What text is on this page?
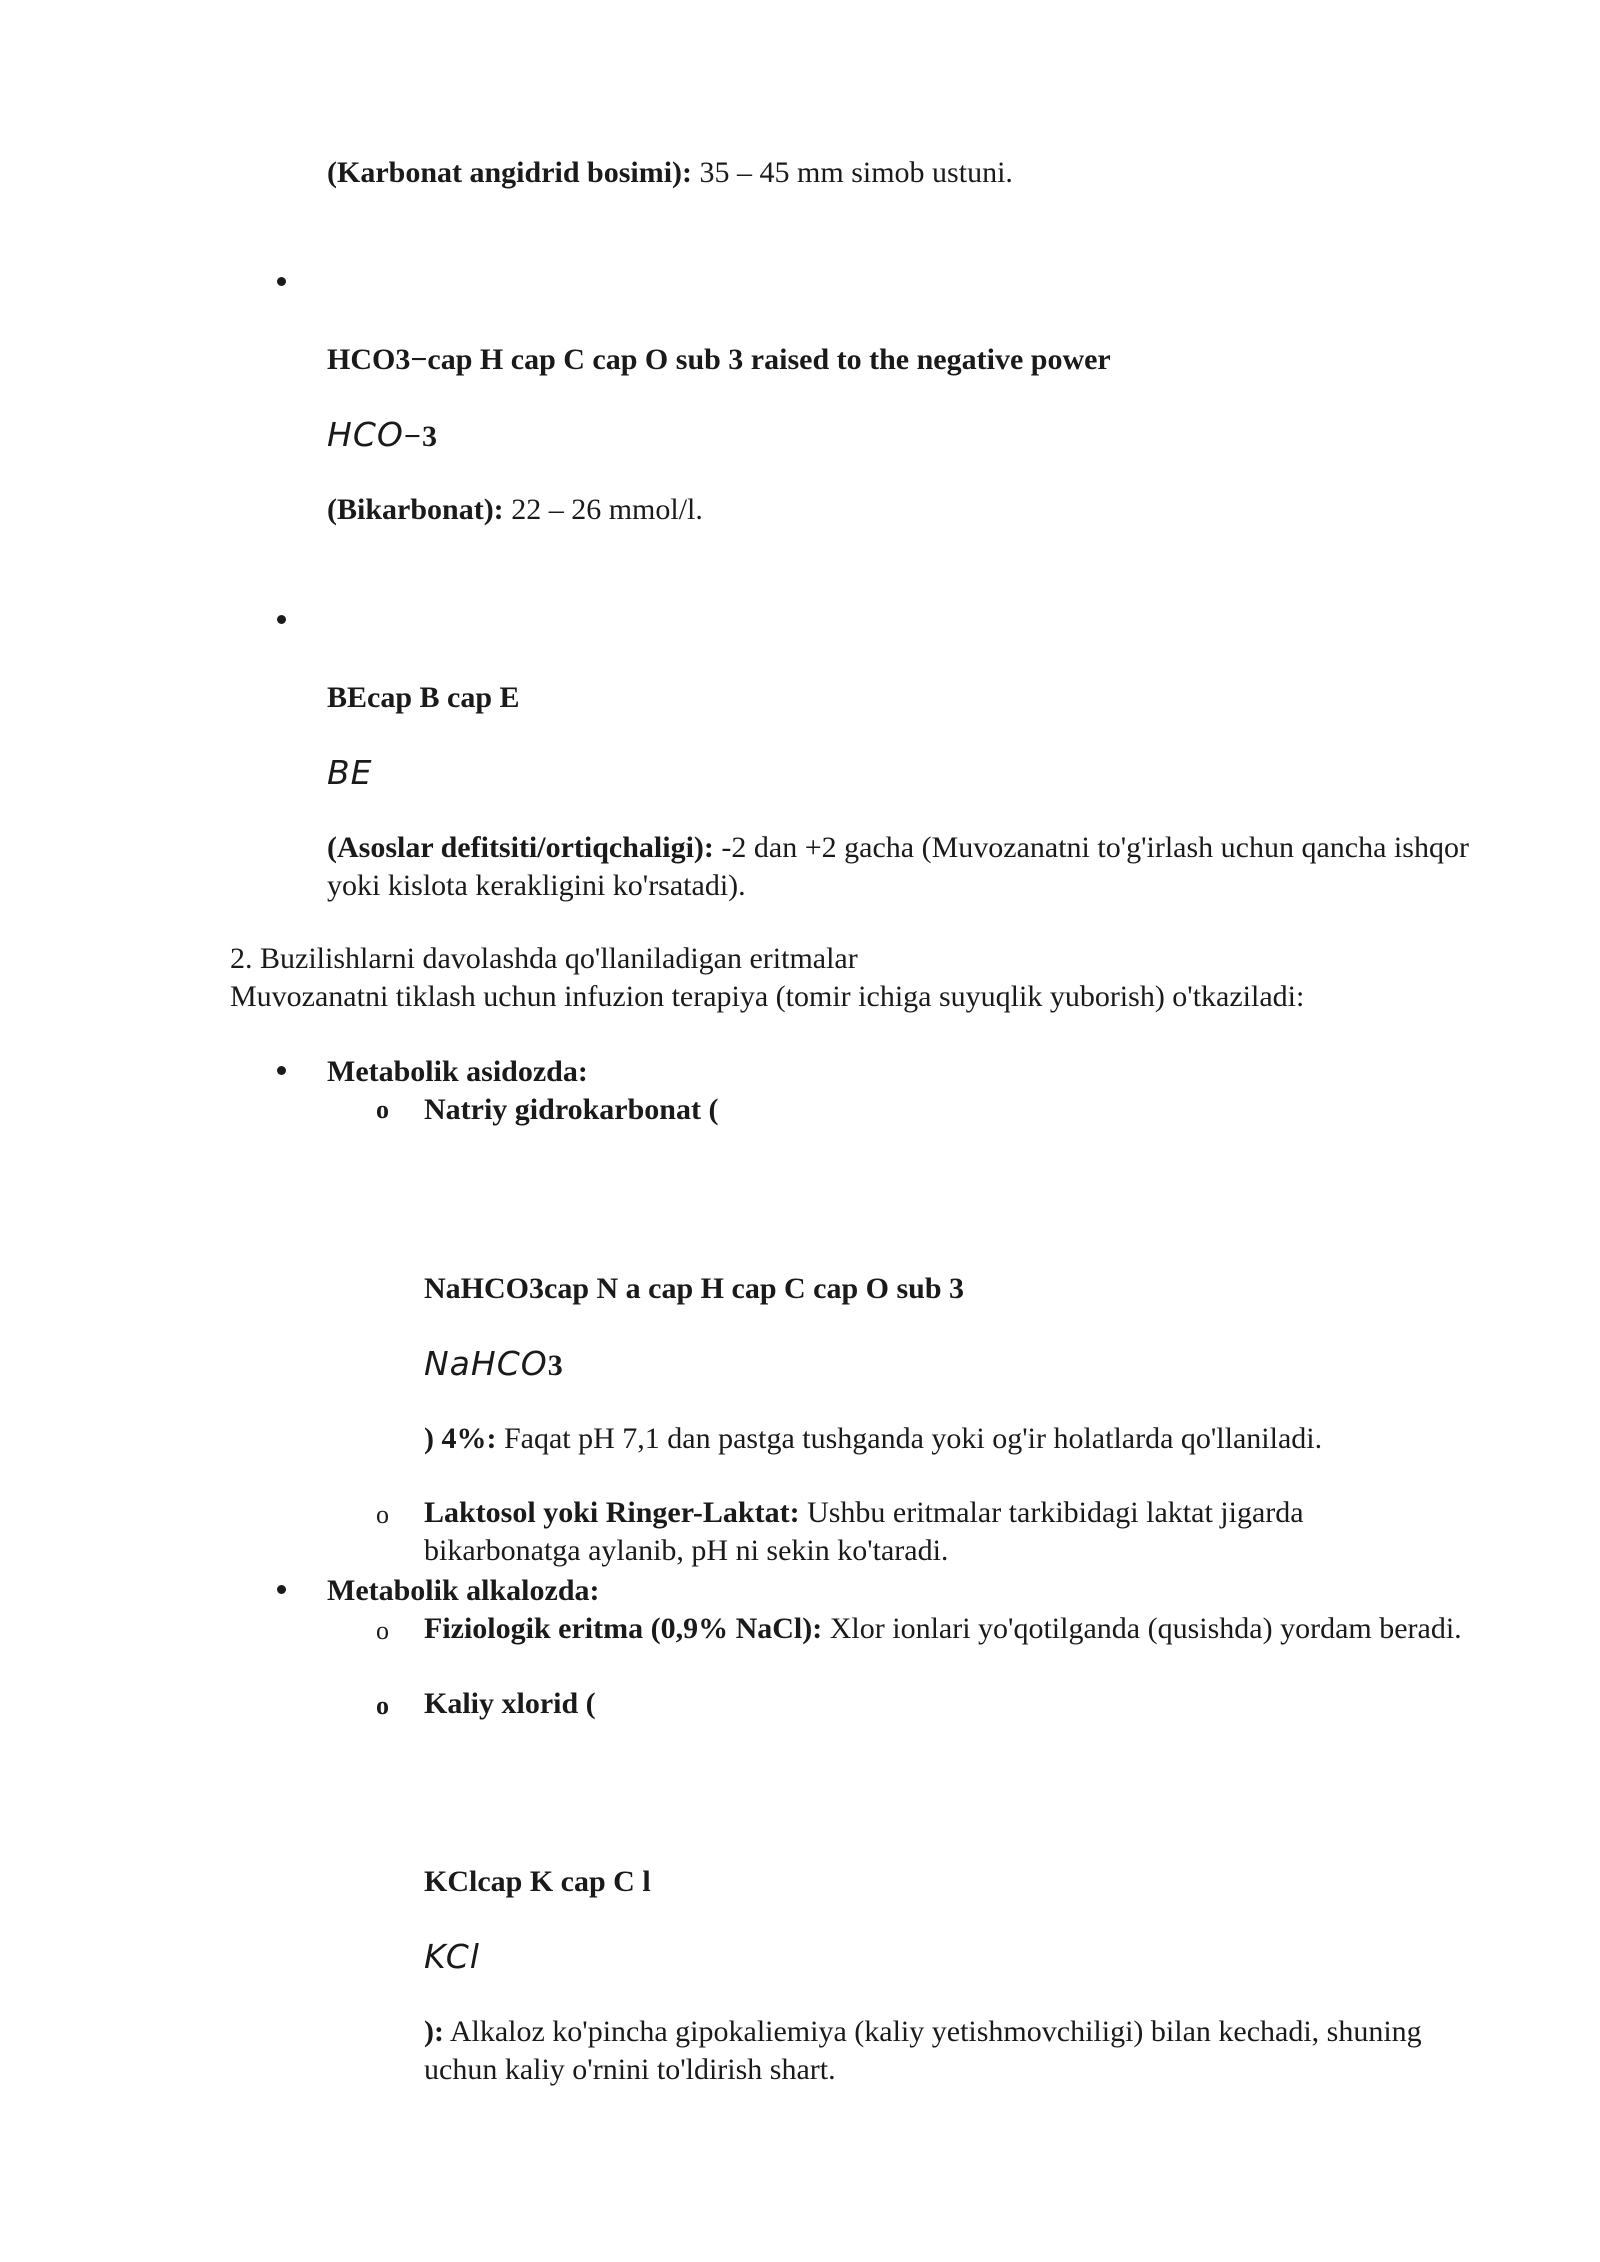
(Karbonat angidrid bosimi): 35 – 45 mm simob ustuni.
HCO3−cap H cap C cap O sub 3 raised to the negative power
HCO−3
(Bikarbonat): 22 – 26 mmol/l.
BEcap B cap E
BE
(Asoslar defitsiti/ortiqchaligi): -2 dan +2 gacha (Muvozanatni to'g'irlash uchun qancha ishqor yoki kislota kerakligini ko'rsatadi).
2. Buzilishlarni davolashda qo'llaniladigan eritmalar
Muvozanatni tiklash uchun infuzion terapiya (tomir ichiga suyuqlik yuborish) o'tkaziladi:
Metabolik asidozda:
o Natriy gidrokarbonat (
NaHCO3cap N a cap H cap C cap O sub 3
NaHCO3
) 4%: Faqat pH 7,1 dan pastga tushganda yoki og'ir holatlarda qo'llaniladi.
o Laktosol yoki Ringer-Laktat: Ushbu eritmalar tarkibidagi laktat jigarda bikarbonatga aylanib, pH ni sekin ko'taradi.
Metabolik alkalozda:
o Fiziologik eritma (0,9% NaCl): Xlor ionlari yo'qotilganda (qusishda) yordam beradi.
o Kaliy xlorid (
KClcap K cap C l
KCl
): Alkaloz ko'pincha gipokaliemiya (kaliy yetishmovchiligi) bilan kechadi, shuning uchun kaliy o'rnini to'ldirish shart.
